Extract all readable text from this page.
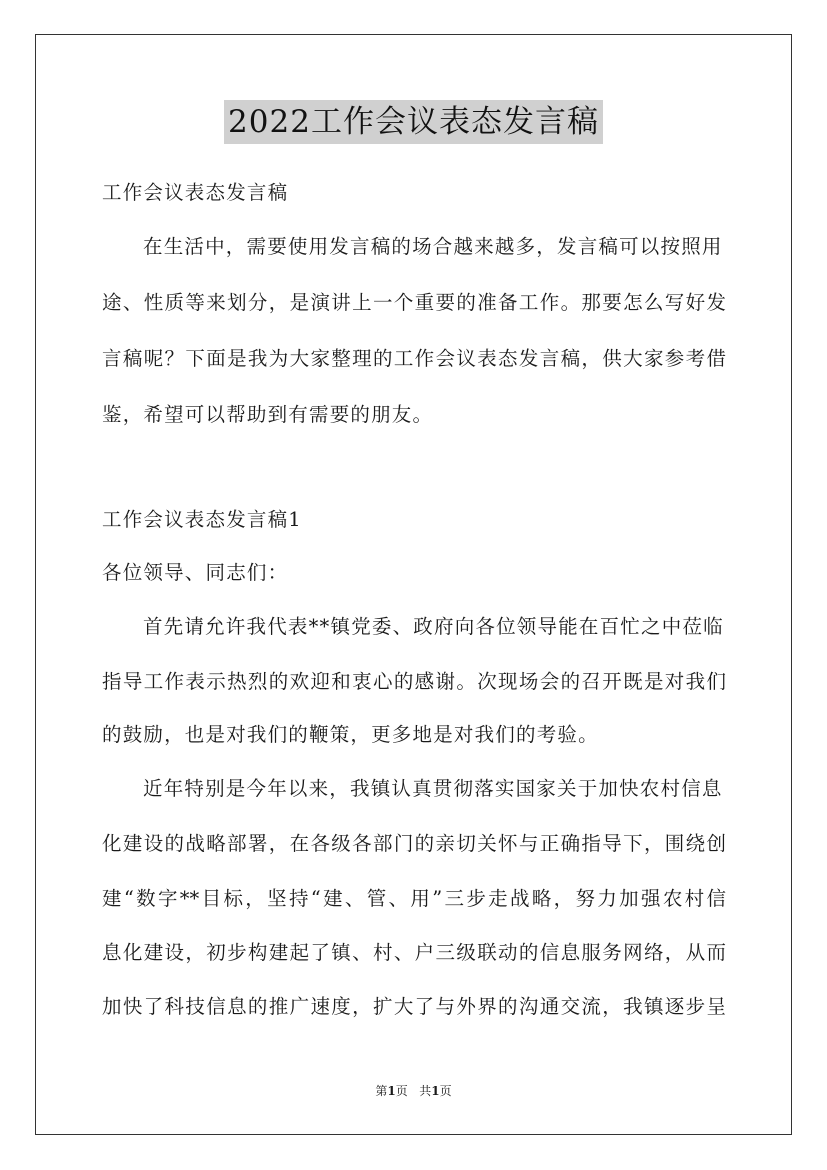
2022工作会议表态发言稿
工作会议表态发言稿
在生活中，需要使用发言稿的场合越来越多，发言稿可以按照用
途、性质等来划分，是演讲上一个重要的准备工作。那要怎么写好发
言稿呢？下面是我为大家整理的工作会议表态发言稿，供大家参考借
鉴，希望可以帮助到有需要的朋友。
工作会议表态发言稿1
各位领导、同志们：
首先请允许我代表**镇党委、政府向各位领导能在百忙之中莅临
指导工作表示热烈的欢迎和衷心的感谢。次现场会的召开既是对我们
的鼓励，也是对我们的鞭策，更多地是对我们的考验。
近年特别是今年以来，我镇认真贯彻落实国家关于加快农村信息
化建设的战略部署，在各级各部门的亲切关怀与正确指导下，围绕创
建“数字**目标，坚持“建、管、用”三步走战略，努力加强农村信
息化建设，初步构建起了镇、村、户三级联动的信息服务网络，从而
加快了科技信息的推广速度，扩大了与外界的沟通交流，我镇逐步呈
第1页 共1页
